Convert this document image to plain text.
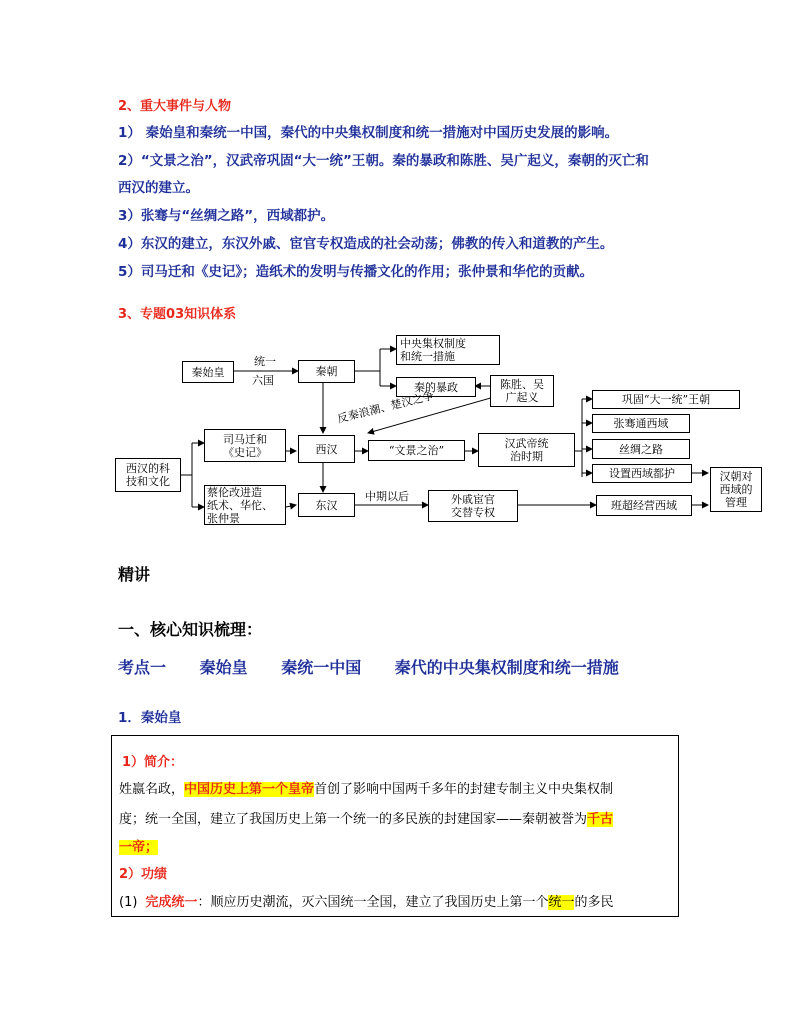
2、重大事件与人物
1） 秦始皇和秦统一中国，秦代的中央集权制度和统一措施对中国历史发展的影响。
2）“文景之治”，汉武帝巩固“大一统”王朝。秦的暴政和陈胜、吴广起义，秦朝的灭亡和
西汉的建立。
3）张骞与“丝绸之路”，西域都护。
4）东汉的建立，东汉外戚、宦官专权造成的社会动荡；佛教的传入和道教的产生。
5）司马迁和《史记》；造纸术的发明与传播文化的作用；张仲景和华佗的贡献。
3、专题03知识体系
秦始皇
统一
六国
秦朝
中央集权制度
和统一措施
秦的暴政	陈胜、吴
广起义
反秦浪潮、楚汉之争	巩固“大一统”王朝
张骞通西域
丝绸之路
设置西域都护
西汉的科
技和文化
司马迁和
《史记》	西汉	“文景之治”
汉武帝统
治时期
蔡伦改进造
纸术、华佗、
张仲景
东汉
中期以后	外戚宦官
交替专权
班超经营西域
汉朝对
西域的
管理
精讲
一、核心知识梳理：
考点一 秦始皇 秦统一中国 秦代的中央集权制度和统一措施
1．秦始皇
1）简介：
姓嬴名政，中国历史上第一个皇帝首创了影响中国两千多年的封建专制主义中央集权制
度；统一全国，建立了我国历史上第一个统一的多民族的封建国家——秦朝被誉为千古
一帝；
2）功绩
(1) 完成统一：顺应历史潮流，灭六国统一全国，建立了我国历史上第一个统一的多民
